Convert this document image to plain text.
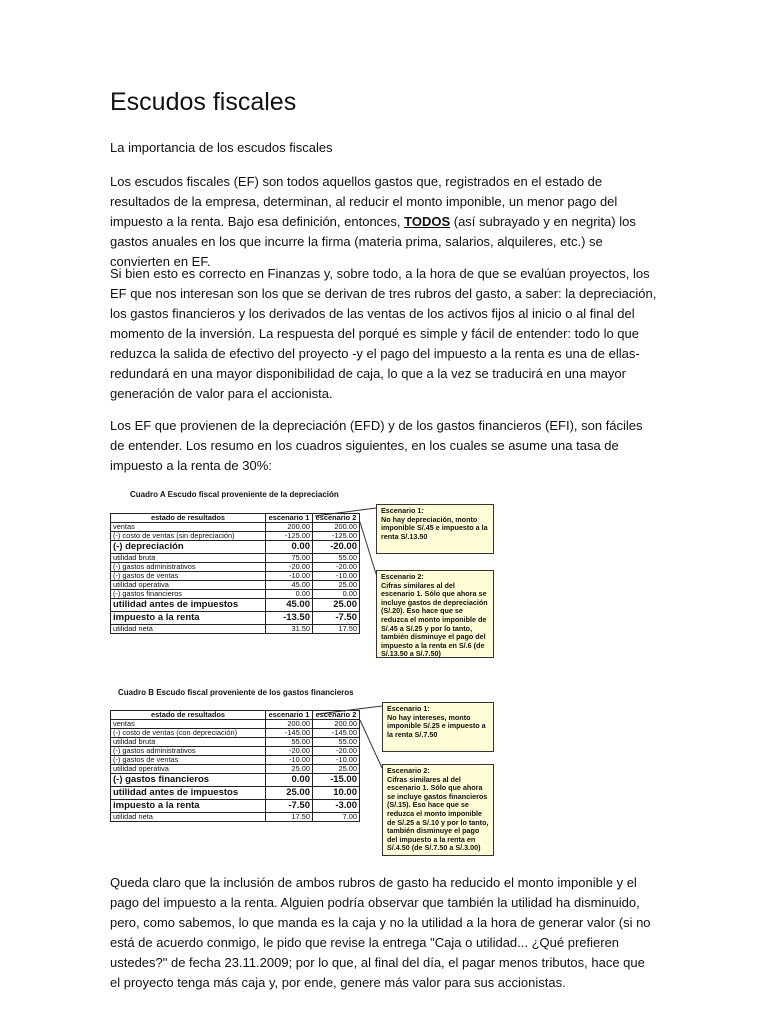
Escudos fiscales

La importancia de los escudos fiscales

Los escudos fiscales (EF) son todos aquellos gastos que, registrados en el estado de resultados de la empresa, determinan, al reducir el monto imponible, un menor pago del impuesto a la renta. Bajo esa definición, entonces, TODOS (así subrayado y en negrita) los gastos anuales en los que incurre la firma (materia prima, salarios, alquileres, etc.) se convierten en EF.

Si bien esto es correcto en Finanzas y, sobre todo, a la hora de que se evalúan proyectos, los EF que nos interesan son los que se derivan de tres rubros del gasto, a saber: la depreciación, los gastos financieros y los derivados de las ventas de los activos fijos al inicio o al final del momento de la inversión. La respuesta del porqué es simple y fácil de entender: todo lo que reduzca la salida de efectivo del proyecto -y el pago del impuesto a la renta es una de ellas- redundará en una mayor disponibilidad de caja, lo que a la vez se traducirá en una mayor generación de valor para el accionista.

Los EF que provienen de la depreciación (EFD) y de los gastos financieros (EFI), son fáciles de entender. Los resumo en los cuadros siguientes, en los cuales se asume una tasa de impuesto a la renta de 30%:

Queda claro que la inclusión de ambos rubros de gasto ha reducido el monto imponible y el pago del impuesto a la renta. Alguien podría observar que también la utilidad ha disminuido, pero, como sabemos, lo que manda es la caja y no la utilidad a la hora de generar valor (si no está de acuerdo conmigo, le pido que revise la entrega "Caja o utilidad... ¿Qué prefieren ustedes?" de fecha 23.11.2009; por lo que, al final del día, el pagar menos tributos, hace que el proyecto tenga más caja y, por ende, genere más valor para sus accionistas.

Cuadro A Escudo fiscal proveniente de la depreciación
estado de resultados	escenario 1	escenario 2
ventas	200.00	200.00
(-) costo de ventas (sin depreciación)	-125.00	-125.00
(-) depreciación	0.00	-20.00
utilidad bruta	75.00	55.00
(-) gastos administrativos	-20.00	-20.00
(-) gastos de ventas	-10.00	-10.00
utilidad operativa	45.00	25.00
(-) gastos financieros	0.00	0.00
utilidad antes de impuestos	45.00	25.00
impuesto a la renta	-13.50	-7.50
utilidad neta	31.50	17.50
Escenario 1:
No hay depreciación, monto imponible S/.45 e impuesto a la renta S/.13.50
Escenario 2:
Cifras similares al del escenario 1. Sólo que ahora se incluye gastos de depreciación (S/.20). Eso hace que se reduzca el monto imponible de S/.45 a S/.25 y por lo tanto, también disminuye el pago del impuesto a la renta en S/.6 (de S/.13.50 a S/.7.50)
Cuadro B Escudo fiscal proveniente de los gastos financieros
estado de resultados	escenario 1	escenario 2
ventas	200.00	200.00
(-) costo de ventas (con depreciación)	-145.00	-145.00
utilidad bruta	55.00	55.00
(-) gastos administrativos	-20.00	-20.00
(-) gastos de ventas	-10.00	-10.00
utilidad operativa	25.00	25.00
(-) gastos financieros	0.00	-15.00
utilidad antes de impuestos	25.00	10.00
impuesto a la renta	-7.50	-3.00
utilidad neta	17.50	7.00
Escenario 1:
No hay intereses, monto imponible S/.25 e impuesto a la renta S/.7.50
Escenario 2:
Cifras similares al del escenario 1. Sólo que ahora se incluye gastos financieros (S/.15). Eso hace que se reduzca el monto imponible de S/.25 a S/.10 y por lo tanto, también disminuye el pago del impuesto a la renta en S/.4.50 (de S/.7.50 a S/.3.00)
